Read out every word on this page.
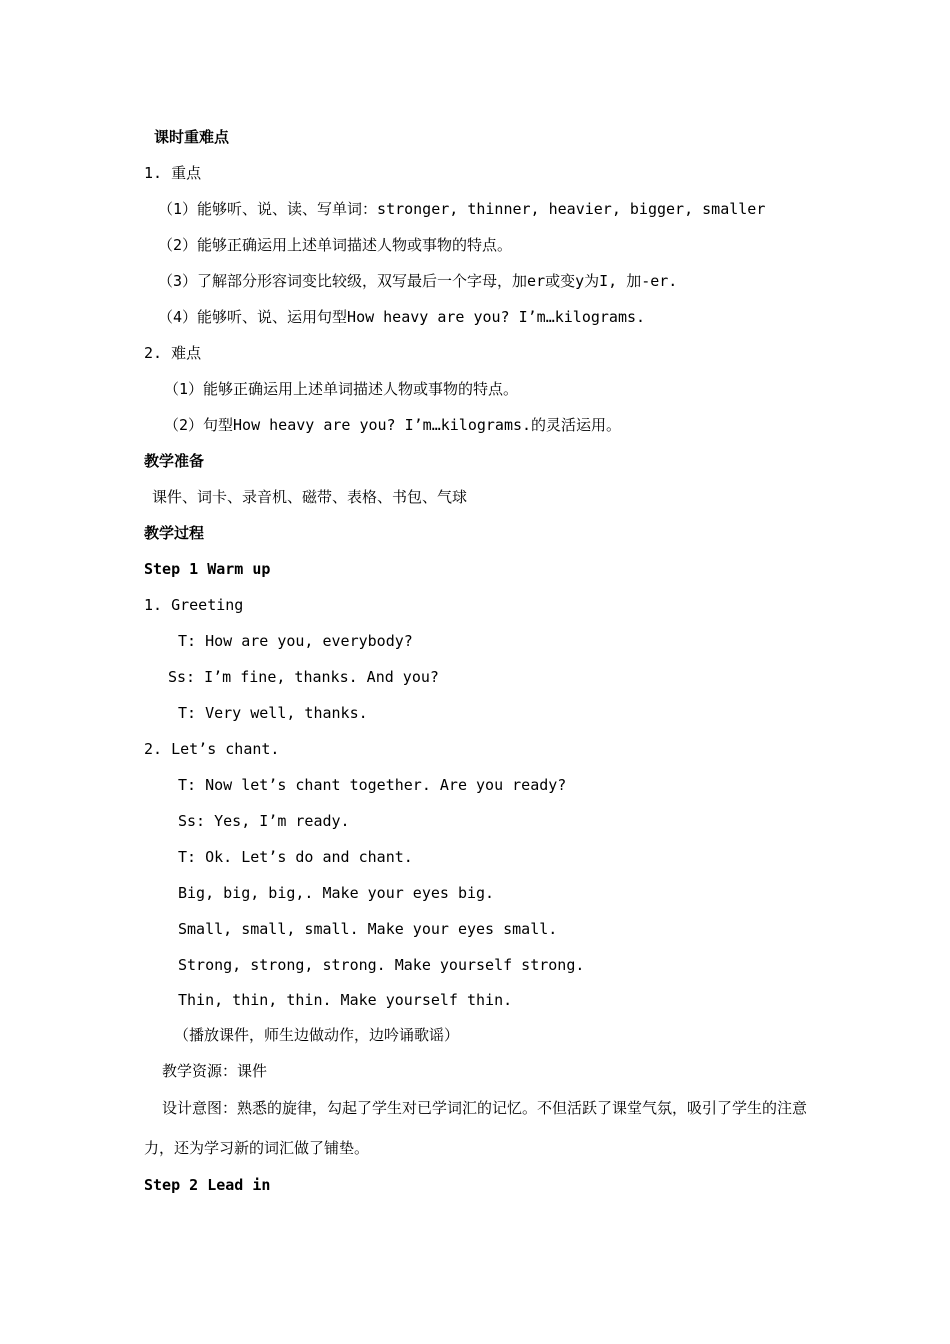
课时重难点
1. 重点
（1）能够听、说、读、写单词：stronger, thinner, heavier, bigger, smaller
（2）能够正确运用上述单词描述人物或事物的特点。
（3）了解部分形容词变比较级，双写最后一个字母，加er或变y为I, 加-er.
（4）能够听、说、运用句型How heavy are you? I’m…kilograms.
2. 难点
（1）能够正确运用上述单词描述人物或事物的特点。
（2）句型How heavy are you? I’m…kilograms.的灵活运用。
教学准备
课件、词卡、录音机、磁带、表格、书包、气球
教学过程
Step 1 Warm up
1. Greeting
T: How are you, everybody?
Ss: I’m fine, thanks. And you?
T: Very well, thanks.
2. Let’s chant.
T: Now let’s chant together. Are you ready?
Ss: Yes, I’m ready.
T: Ok. Let’s do and chant.
Big, big, big,. Make your eyes big.
Small, small, small. Make your eyes small.
Strong, strong, strong. Make yourself strong.
Thin, thin, thin. Make yourself thin.
（播放课件，师生边做动作，边吟诵歌谣）
教学资源：课件
设计意图：熟悉的旋律，勾起了学生对已学词汇的记忆。不但活跃了课堂气氛，吸引了学生的注意力，还为学习新的词汇做了铺垫。
Step 2 Lead in
